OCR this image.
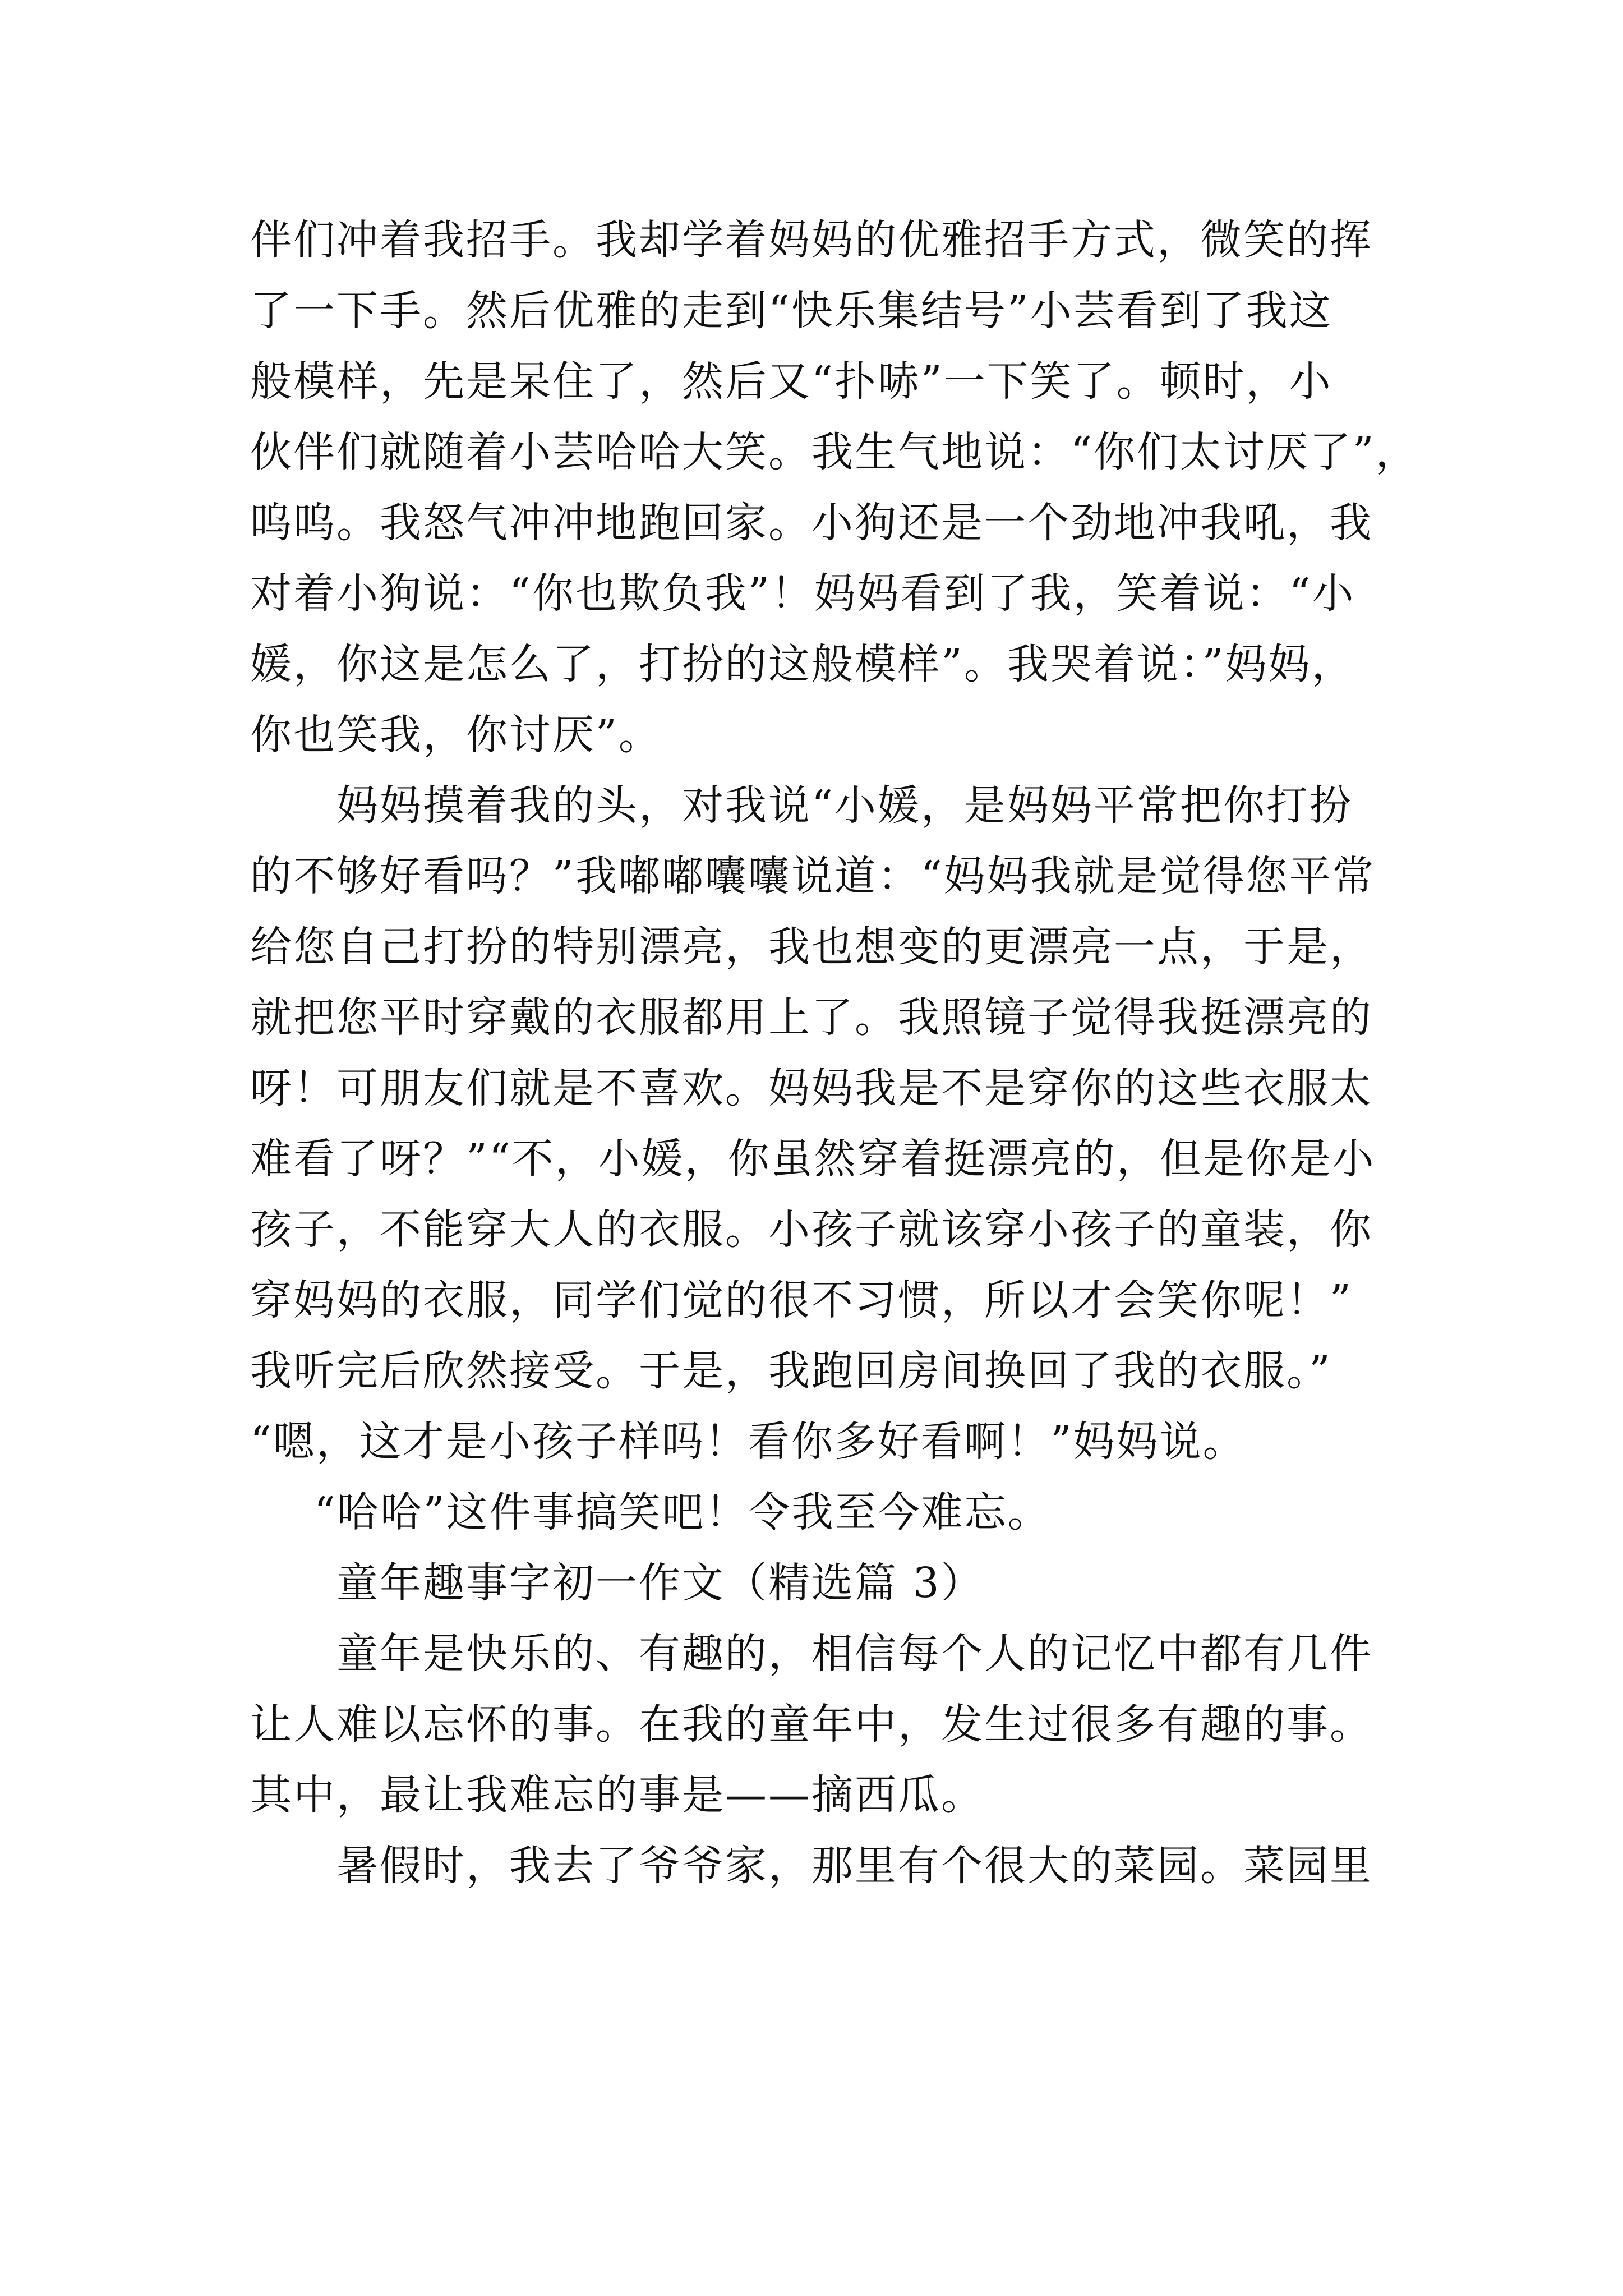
伴们冲着我招手。我却学着妈妈的优雅招手方式，微笑的挥
了一下手。然后优雅的走到“快乐集结号”小芸看到了我这
般模样，先是呆住了，然后又“扑哧”一下笑了。顿时，小
伙伴们就随着小芸哈哈大笑。我生气地说：“你们太讨厌了”，
呜呜。我怒气冲冲地跑回家。小狗还是一个劲地冲我吼，我
对着小狗说：“你也欺负我”！妈妈看到了我，笑着说：“小
媛，你这是怎么了，打扮的这般模样”。我哭着说：”妈妈，
你也笑我，你讨厌”。
妈妈摸着我的头，对我说“小媛，是妈妈平常把你打扮
的不够好看吗？”我嘟嘟囔囔说道：“妈妈我就是觉得您平常
给您自己打扮的特别漂亮，我也想变的更漂亮一点，于是，
就把您平时穿戴的衣服都用上了。我照镜子觉得我挺漂亮的
呀！可朋友们就是不喜欢。妈妈我是不是穿你的这些衣服太
难看了呀？”“不，小媛，你虽然穿着挺漂亮的，但是你是小
孩子，不能穿大人的衣服。小孩子就该穿小孩子的童装，你
穿妈妈的衣服，同学们觉的很不习惯，所以才会笑你呢！”
我听完后欣然接受。于是，我跑回房间换回了我的衣服。”
“嗯，这才是小孩子样吗！看你多好看啊！”妈妈说。
“哈哈”这件事搞笑吧！令我至今难忘。
童年趣事字初一作文（精选篇 3）
童年是快乐的、有趣的，相信每个人的记忆中都有几件
让人难以忘怀的事。在我的童年中，发生过很多有趣的事。
其中，最让我难忘的事是——摘西瓜。
暑假时，我去了爷爷家，那里有个很大的菜园。菜园里
